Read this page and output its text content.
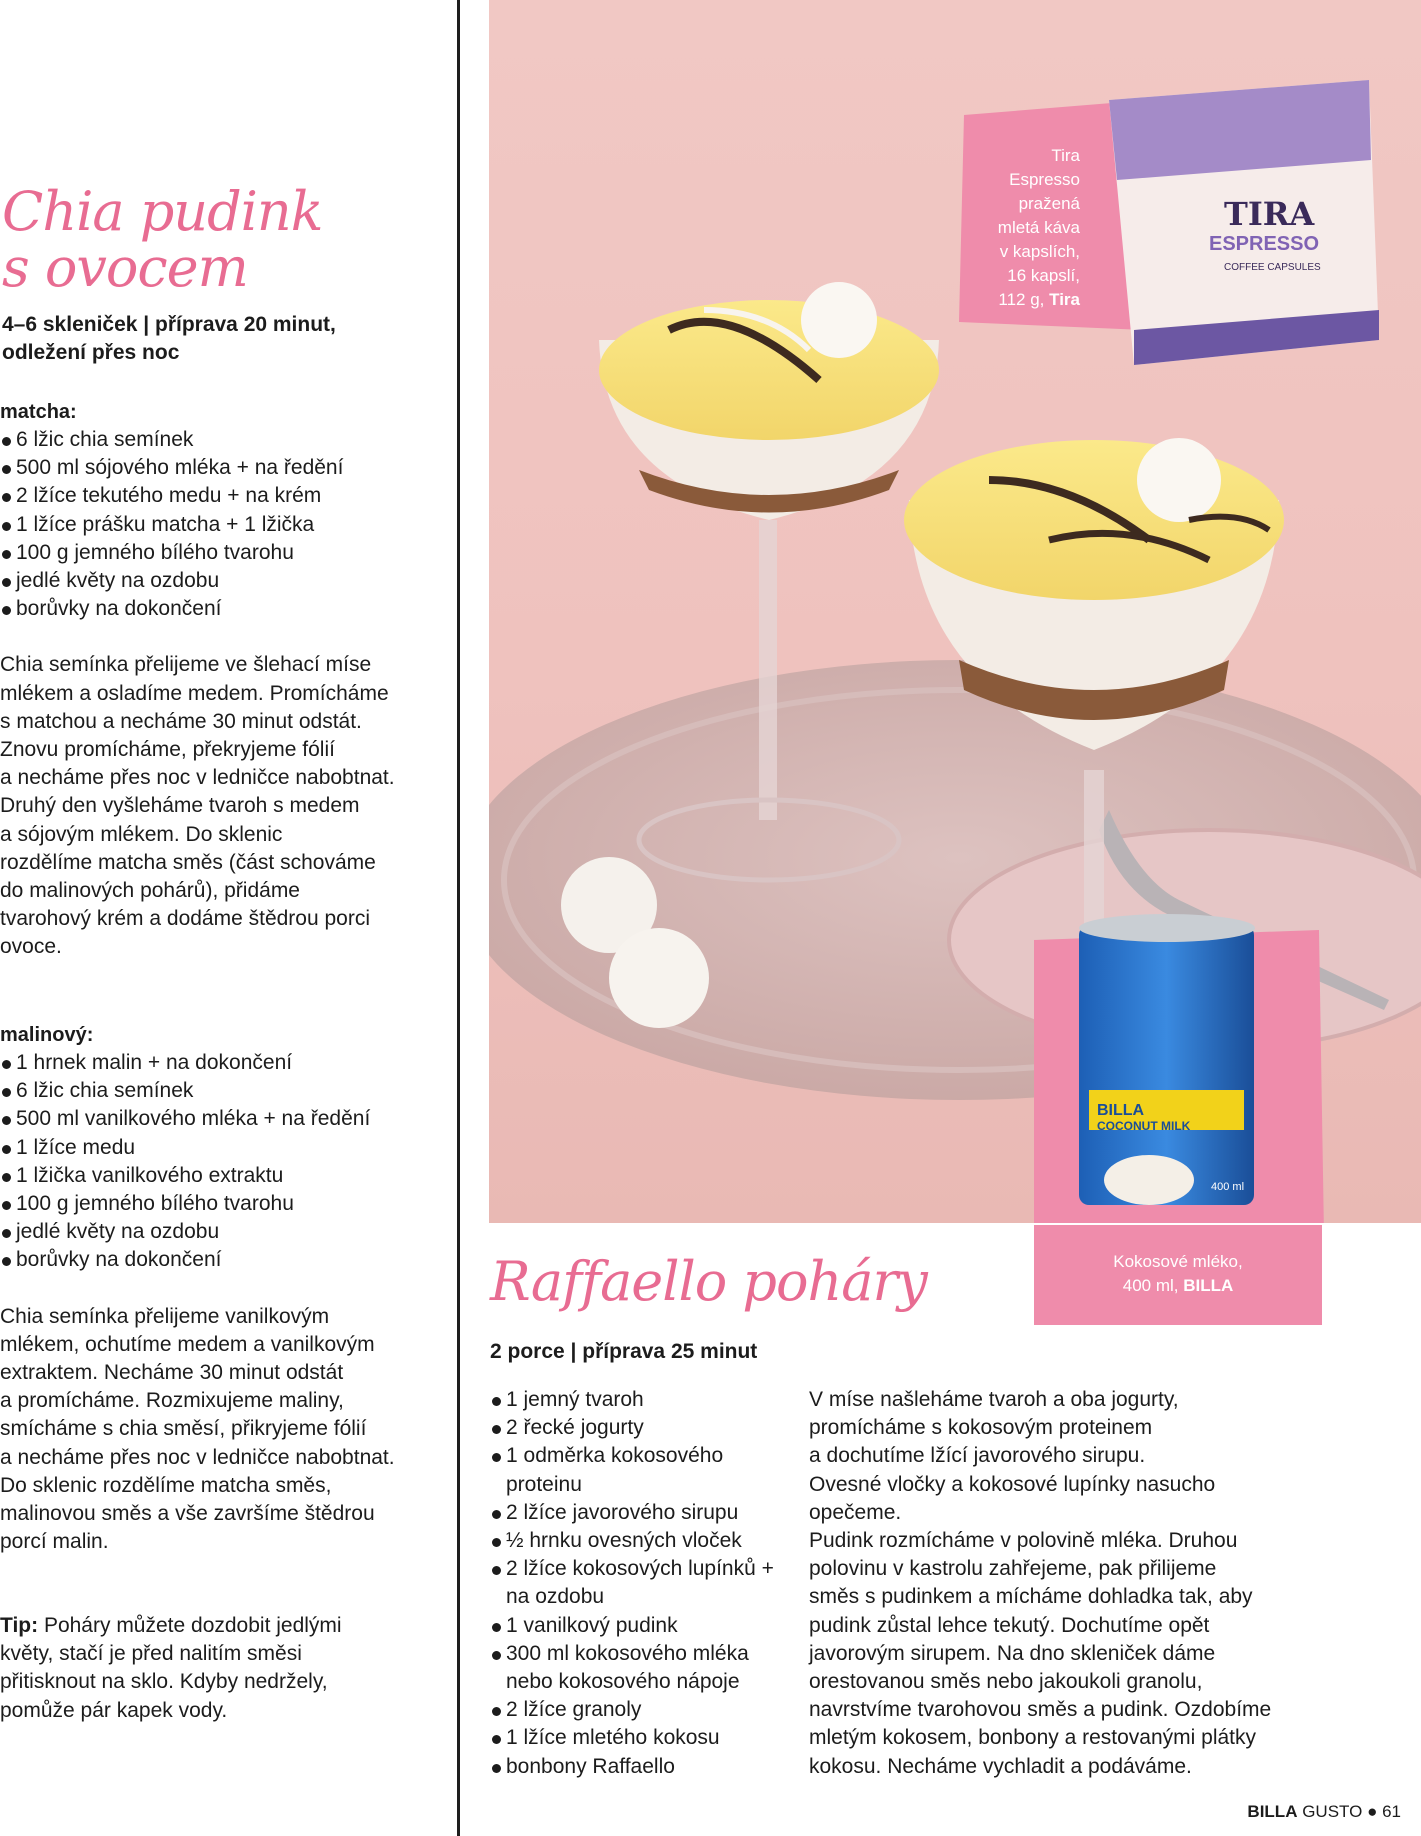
Chia pudink
s ovocem
4–6 skleniček | příprava 20 minut,
odležení přes noc

matcha:

6 lžic chia semínek
500 ml sójového mléka + na ředění
2 lžíce tekutého medu + na krém
1 lžíce prášku matcha + 1 lžička
100 g jemného bílého tvarohu
jedlé květy na ozdobu
borůvky na dokončení

Chia semínka přelijeme ve šlehací míse

mlékem a osladíme medem. Promícháme

s matchou a necháme 30 minut odstát.

Znovu promícháme, překryjeme fólií

a necháme přes noc v ledničce nabobtnat.

Druhý den vyšleháme tvaroh s medem

a sójovým mlékem. Do sklenic

rozdělíme matcha směs (část schováme

do malinových pohárů), přidáme

tvarohový krém a dodáme štědrou porci

ovoce.

malinový:

1 hrnek malin + na dokončení
6 lžic chia semínek
500 ml vanilkového mléka + na ředění
1 lžíce medu
1 lžička vanilkového extraktu
100 g jemného bílého tvarohu
jedlé květy na ozdobu
borůvky na dokončení

Chia semínka přelijeme vanilkovým

mlékem, ochutíme medem a vanilkovým

extraktem. Necháme 30 minut odstát

a promícháme. Rozmixujeme maliny,

smícháme s chia směsí, přikryjeme fólií

a necháme přes noc v ledničce nabobtnat.

Do sklenic rozdělíme matcha směs,

malinovou směs a vše završíme štědrou

porcí malin.

Tip: Poháry můžete dozdobit jedlými

květy, stačí je před nalitím směsi

přitisknout na sklo. Kdyby nedržely,

pomůže pár kapek vody.

TIRA
ESPRESSO
COFFEE CAPSULES
BILLA
COCONUT MILK
400 ml
Tira
Espresso
pražená
mletá káva
v kapslích,
16 kapslí,
112 g, Tira
Kokosové mléko,
400 ml, BILLA
Raffaello poháry
2 porce | příprava 25 minut
1 jemný tvaroh
2 řecké jogurty
1 odměrka kokosového proteinu
2 lžíce javorového sirupu
½ hrnku ovesných vloček
2 lžíce kokosových lupínků + na ozdobu
1 vanilkový pudink
300 ml kokosového mléka nebo kokosového nápoje
2 lžíce granoly
1 lžíce mletého kokosu
bonbony Raffaello

V míse našleháme tvaroh a oba jogurty,

promícháme s kokosovým proteinem

a dochutíme lžící javorového sirupu.

Ovesné vločky a kokosové lupínky nasucho

opečeme.

Pudink rozmícháme v polovině mléka. Druhou

polovinu v kastrolu zahřejeme, pak přilijeme

směs s pudinkem a mícháme dohladka tak, aby

pudink zůstal lehce tekutý. Dochutíme opět

javorovým sirupem. Na dno skleniček dáme

orestovanou směs nebo jakoukoli granolu,

navrstvíme tvarohovou směs a pudink. Ozdobíme

mletým kokosem, bonbony a restovanými plátky

kokosu. Necháme vychladit a podáváme.

BILLA GUSTO ● 61
